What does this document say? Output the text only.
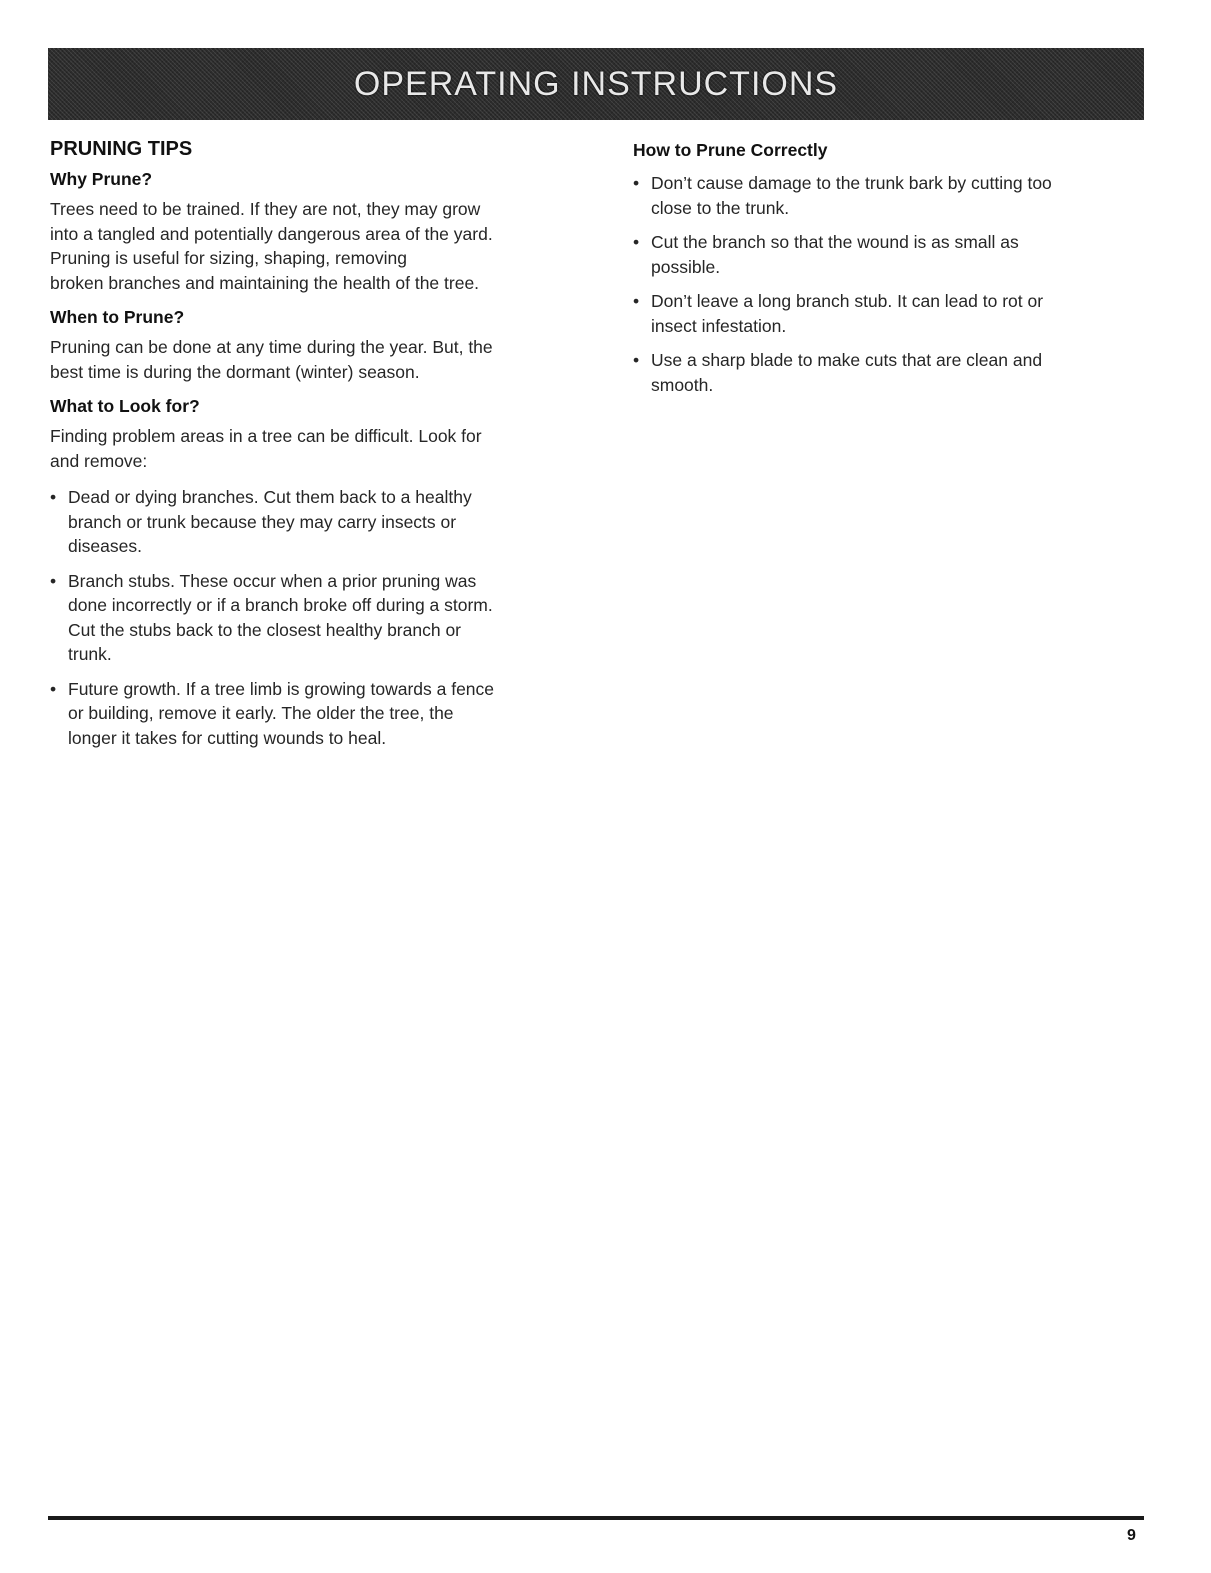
OPERATING INSTRUCTIONS
PRUNING TIPS
Why Prune?
Trees need to be trained. If they are not, they may grow
into a tangled and potentially dangerous area of the yard.
Pruning is useful for sizing, shaping, removing
broken branches and maintaining the health of the tree.
When to Prune?
Pruning can be done at any time during the year. But, the
best time is during the dormant (winter) season.
What to Look for?
Finding problem areas in a tree can be difficult. Look for
and remove:
• Dead or dying branches. Cut them back to a healthy
branch or trunk because they may carry insects or
diseases.
• Branch stubs. These occur when a prior pruning was
done incorrectly or if a branch broke off during a storm.
Cut the stubs back to the closest healthy branch or
trunk.
• Future growth. If a tree limb is growing towards a fence
or building, remove it early. The older the tree, the
longer it takes for cutting wounds to heal.
How to Prune Correctly
• Don’t cause damage to the trunk bark by cutting too
close to the trunk.
• Cut the branch so that the wound is as small as
possible.
• Don’t leave a long branch stub. It can lead to rot or
insect infestation.
• Use a sharp blade to make cuts that are clean and
smooth.
9
